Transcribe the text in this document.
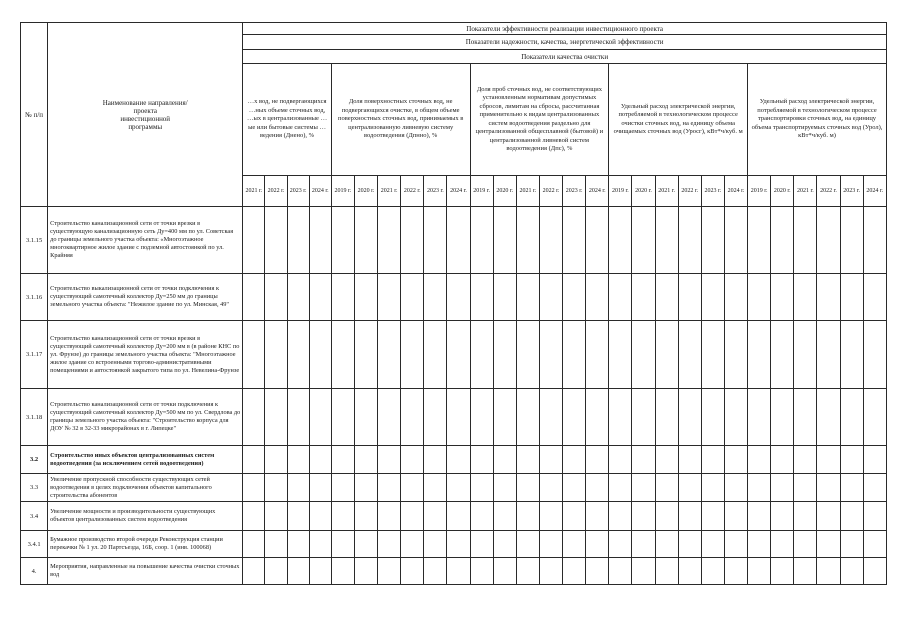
№ п/п	Наименование направления/
проекта
инвестиционной
программы	Показатели эффективности реализации инвестиционного проекта																											
		Показатели надежности, качества, энергетической эффективности																											
		Показатели качества очистки																											
		…х вод, не подвергающихся …ных объеме сточных вод, …ых в централизованные …ые или бытовые системы …ведения (Днено), %				Доля поверхностных сточных вод, не подвергающихся очистке, в общем объеме поверхностных сточных вод, принимаемых в централизованную ливневую систему водоотведения (Дпнно), %						Доля проб сточных вод, не соответствующих установленным нормативам допустимых сбросов, лимитам на сбросы, рассчитанная применительно к видам централизованных систем водоотведения раздельно для централизованной общесплавной (бытовой) и централизованной ливневой систем водоотведения (Дпс), %						Удельный расход электрической энергии, потребляемой в технологическом процессе очистки сточных вод, на единицу объема очищаемых сточных вод (Уросг), кВт*ч/куб. м						Удельный расход электрической энергии, потребляемой в технологическом процессе транспортировки сточных вод, на единицу объема транспортируемых сточных вод (Урол), кВт*ч/куб. м)					
		2021 г.	2022 г.	2023 г.	2024 г.	2019 г.	2020 г.	2021 г.	2022 г.	2023 г.	2024 г.	2019 г.	2020 г.	2021 г.	2022 г.	2023 г.	2024 г.	2019 г.	2020 г.	2021 г.	2022 г.	2023 г.	2024 г.	2019 г.	2020 г.	2021 г.	2022 г.	2023 г.	2024 г.
3.1.15	Строительство канализационной сети от точки врезки в существующую канализационную сеть Ду=400 мм по ул. Советская до границы земельного участка объекта: «Многоэтажное многоквартирное жилое здание с подземной автостоянкой по ул. Крайняя																												
3.1.16	Строительство выкализационной сети от точки подключения к существующий самотечный коллектор Ду=250 мм до границы земельного участка объекта: "Нежилое здание по ул. Минская, 49"																												
3.1.17	Строительство канализационной сети от точки врезки в существующий самотечный коллектор Ду=200 мм в (в районе КНС по ул. Фрунзе) до границы земельного участка объекта: "Многоэтажное жилое здание со встроенными торгово-административными помещениями и автостоянкой закрытого типа по ул. Невелина-Фрунзе																												
3.1.18	Строительство канализационной сети от точки подключения к существующий самотечный коллектор Ду=500 мм по ул. Свердлова до границы земельного участка объекта: "Строительство корпуса для ДОУ № 32 в 32-33 микрорайонах в г. Липецке"																												
3.2	Строительство иных объектов централизованных систем водоотведения (за исключением сетей водоотведения)																												
3.3	Увеличение пропускной способности существующих сетей водоотведения в целях подключения объектов капитального строительства абонентов																												
3.4	Увеличение мощности и производительности существующих объектов централизованных систем водоотведения																												
3.4.1	Бумажное производство второй очереди Реконструкция станции перекачки № 1 ул. 20 Партсъезда, 16Б, соор. 1 (инв. 100068)																												
4.	Мероприятия, направленные на повышение качества очистки сточных вод																												
